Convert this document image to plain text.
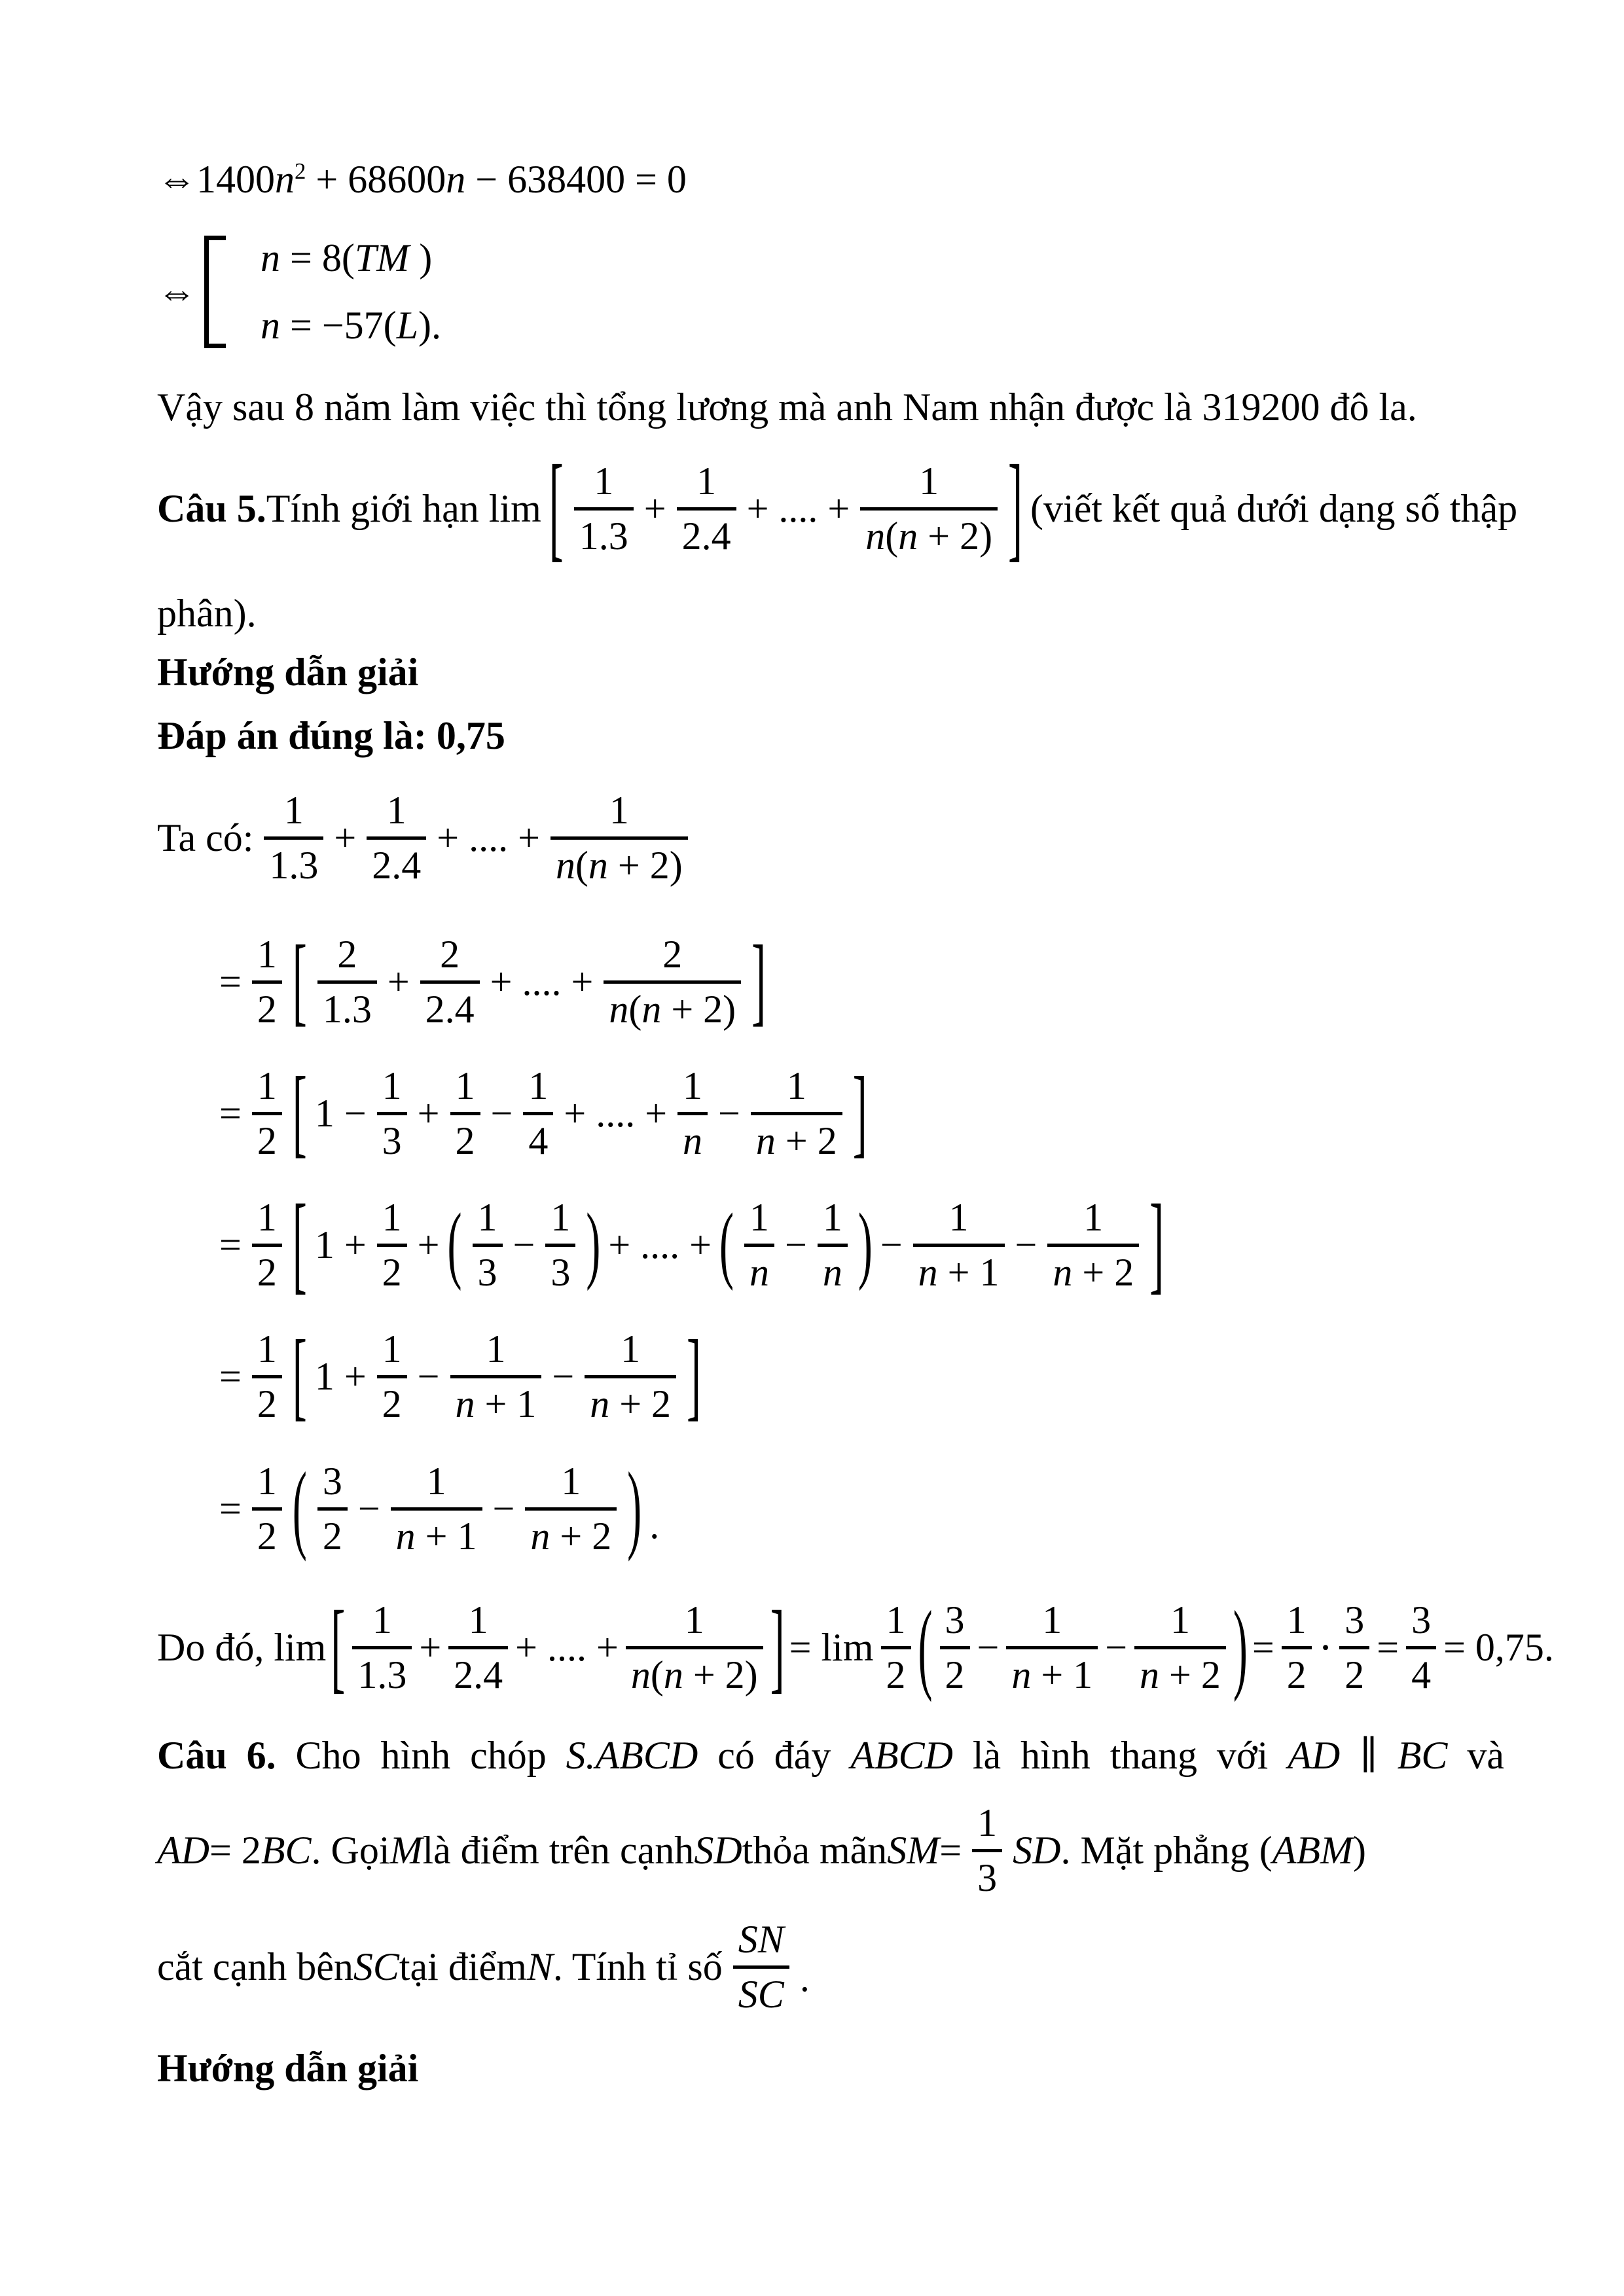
$\Leftrightarrow 1400n^2 + 68600n - 638400 = 0$
⇔
n = 8(TM )
n = −57(L).
Vậy sau 8 năm làm việc thì tổng lương mà anh Nam nhận được là 319200 đô la.
Câu 5.Tính giới hạn lim [ 1
1.3
+
1
2.4
+ .... +
1
n(n + 2) ] (viết kết quả dưới dạng số thập
phân).
Hướng dẫn giải
Đáp án đúng là: 0,75
Ta có:
1
1.3
+
1
2.4
+ .... +
1
n(n + 2)
=
1
2 [ 2
1.3
+
2
2.4
+ .... +
2
n(n + 2) ]
=
1
2 [ 1 −
1
3
+
1
2
−
1
4
+ .... +
1
n
−
1
n + 2 ]
=
1
2 [ 1 +
1
2
+ ( 1
3
−
1
3 ) + .... + ( 1
n
−
1
n ) −
1
n + 1
−
1
n + 2 ]
=
1
2 [ 1 +
1
2
−
1
n + 1
−
1
n + 2 ]
=
1
2 ( 3
2
−
1
n + 1
−
1
n + 2 ) .
Do đó, lim [ 1
1.3
+
1
2.4
+ .... +
1
n(n + 2) ] = lim
1
2 ( 3
2
−
1
n + 1
−
1
n + 2 ) =
1
2
⋅
3
2
=
3
4
= 0,75.
Câu 6. Cho hình chóp S.ABCD có đáy ABCD là hình thang với AD ∥ BC và
AD= 2BC. GọiMlà điểm trên cạnhSDthỏa mãnSM=
1
3
SD. Mặt phẳng (ABM)
cắt cạnh bênSCtại điểmN. Tính tỉ số
SN
SC .
Hướng dẫn giải
